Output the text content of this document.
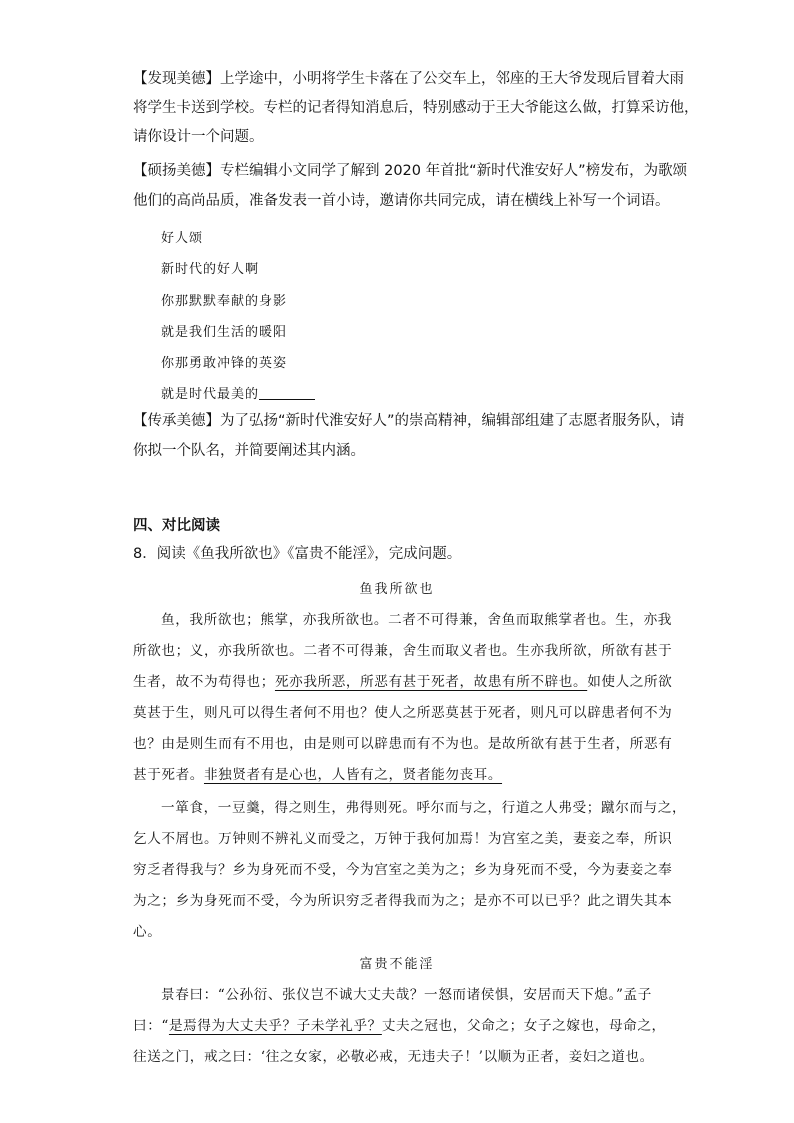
【发现美德】上学途中，小明将学生卡落在了公交车上，邻座的王大爷发现后冒着大雨
将学生卡送到学校。专栏的记者得知消息后，特别感动于王大爷能这么做，打算采访他，
请你设计一个问题。
【硕扬美德】专栏编辑小文同学了解到 2020 年首批“新时代淮安好人”榜发布，为歌颂
他们的高尚品质，准备发表一首小诗，邀请你共同完成，请在横线上补写一个词语。
好人颂
新时代的好人啊
你那默默奉献的身影
就是我们生活的暖阳
你那勇敢冲锋的英姿
就是时代最美的
【传承美德】为了弘扬“新时代淮安好人”的崇高精神，编辑部组建了志愿者服务队，请
你拟一个队名，并简要阐述其内涵。
四、对比阅读
8．阅读《鱼我所欲也》《富贵不能淫》，完成问题。
鱼我所欲也
鱼，我所欲也；熊掌，亦我所欲也。二者不可得兼，舍鱼而取熊掌者也。生，亦我
所欲也；义，亦我所欲也。二者不可得兼，舍生而取义者也。生亦我所欲，所欲有甚于
生者，故不为苟得也；死亦我所恶，所恶有甚于死者，故患有所不辟也。如使人之所欲
莫甚于生，则凡可以得生者何不用也？使人之所恶莫甚于死者，则凡可以辟患者何不为
也？由是则生而有不用也，由是则可以辟患而有不为也。是故所欲有甚于生者，所恶有
甚于死者。非独贤者有是心也，人皆有之，贤者能勿丧耳。
一箪食，一豆羹，得之则生，弗得则死。呼尔而与之，行道之人弗受；蹴尔而与之，
乞人不屑也。万钟则不辨礼义而受之，万钟于我何加焉！为宫室之美，妻妾之奉，所识
穷乏者得我与？乡为身死而不受，今为宫室之美为之；乡为身死而不受，今为妻妾之奉
为之；乡为身死而不受，今为所识穷乏者得我而为之；是亦不可以已乎？此之谓失其本
心。
富贵不能淫
景春曰：“公孙衍、张仪岂不诚大丈夫哉？一怒而诸侯惧，安居而天下熄。”孟子
曰：“是焉得为大丈夫乎？子未学礼乎？丈夫之冠也，父命之；女子之嫁也，母命之，
往送之门，戒之曰：‘往之女家，必敬必戒，无违夫子！’以顺为正者，妾妇之道也。
